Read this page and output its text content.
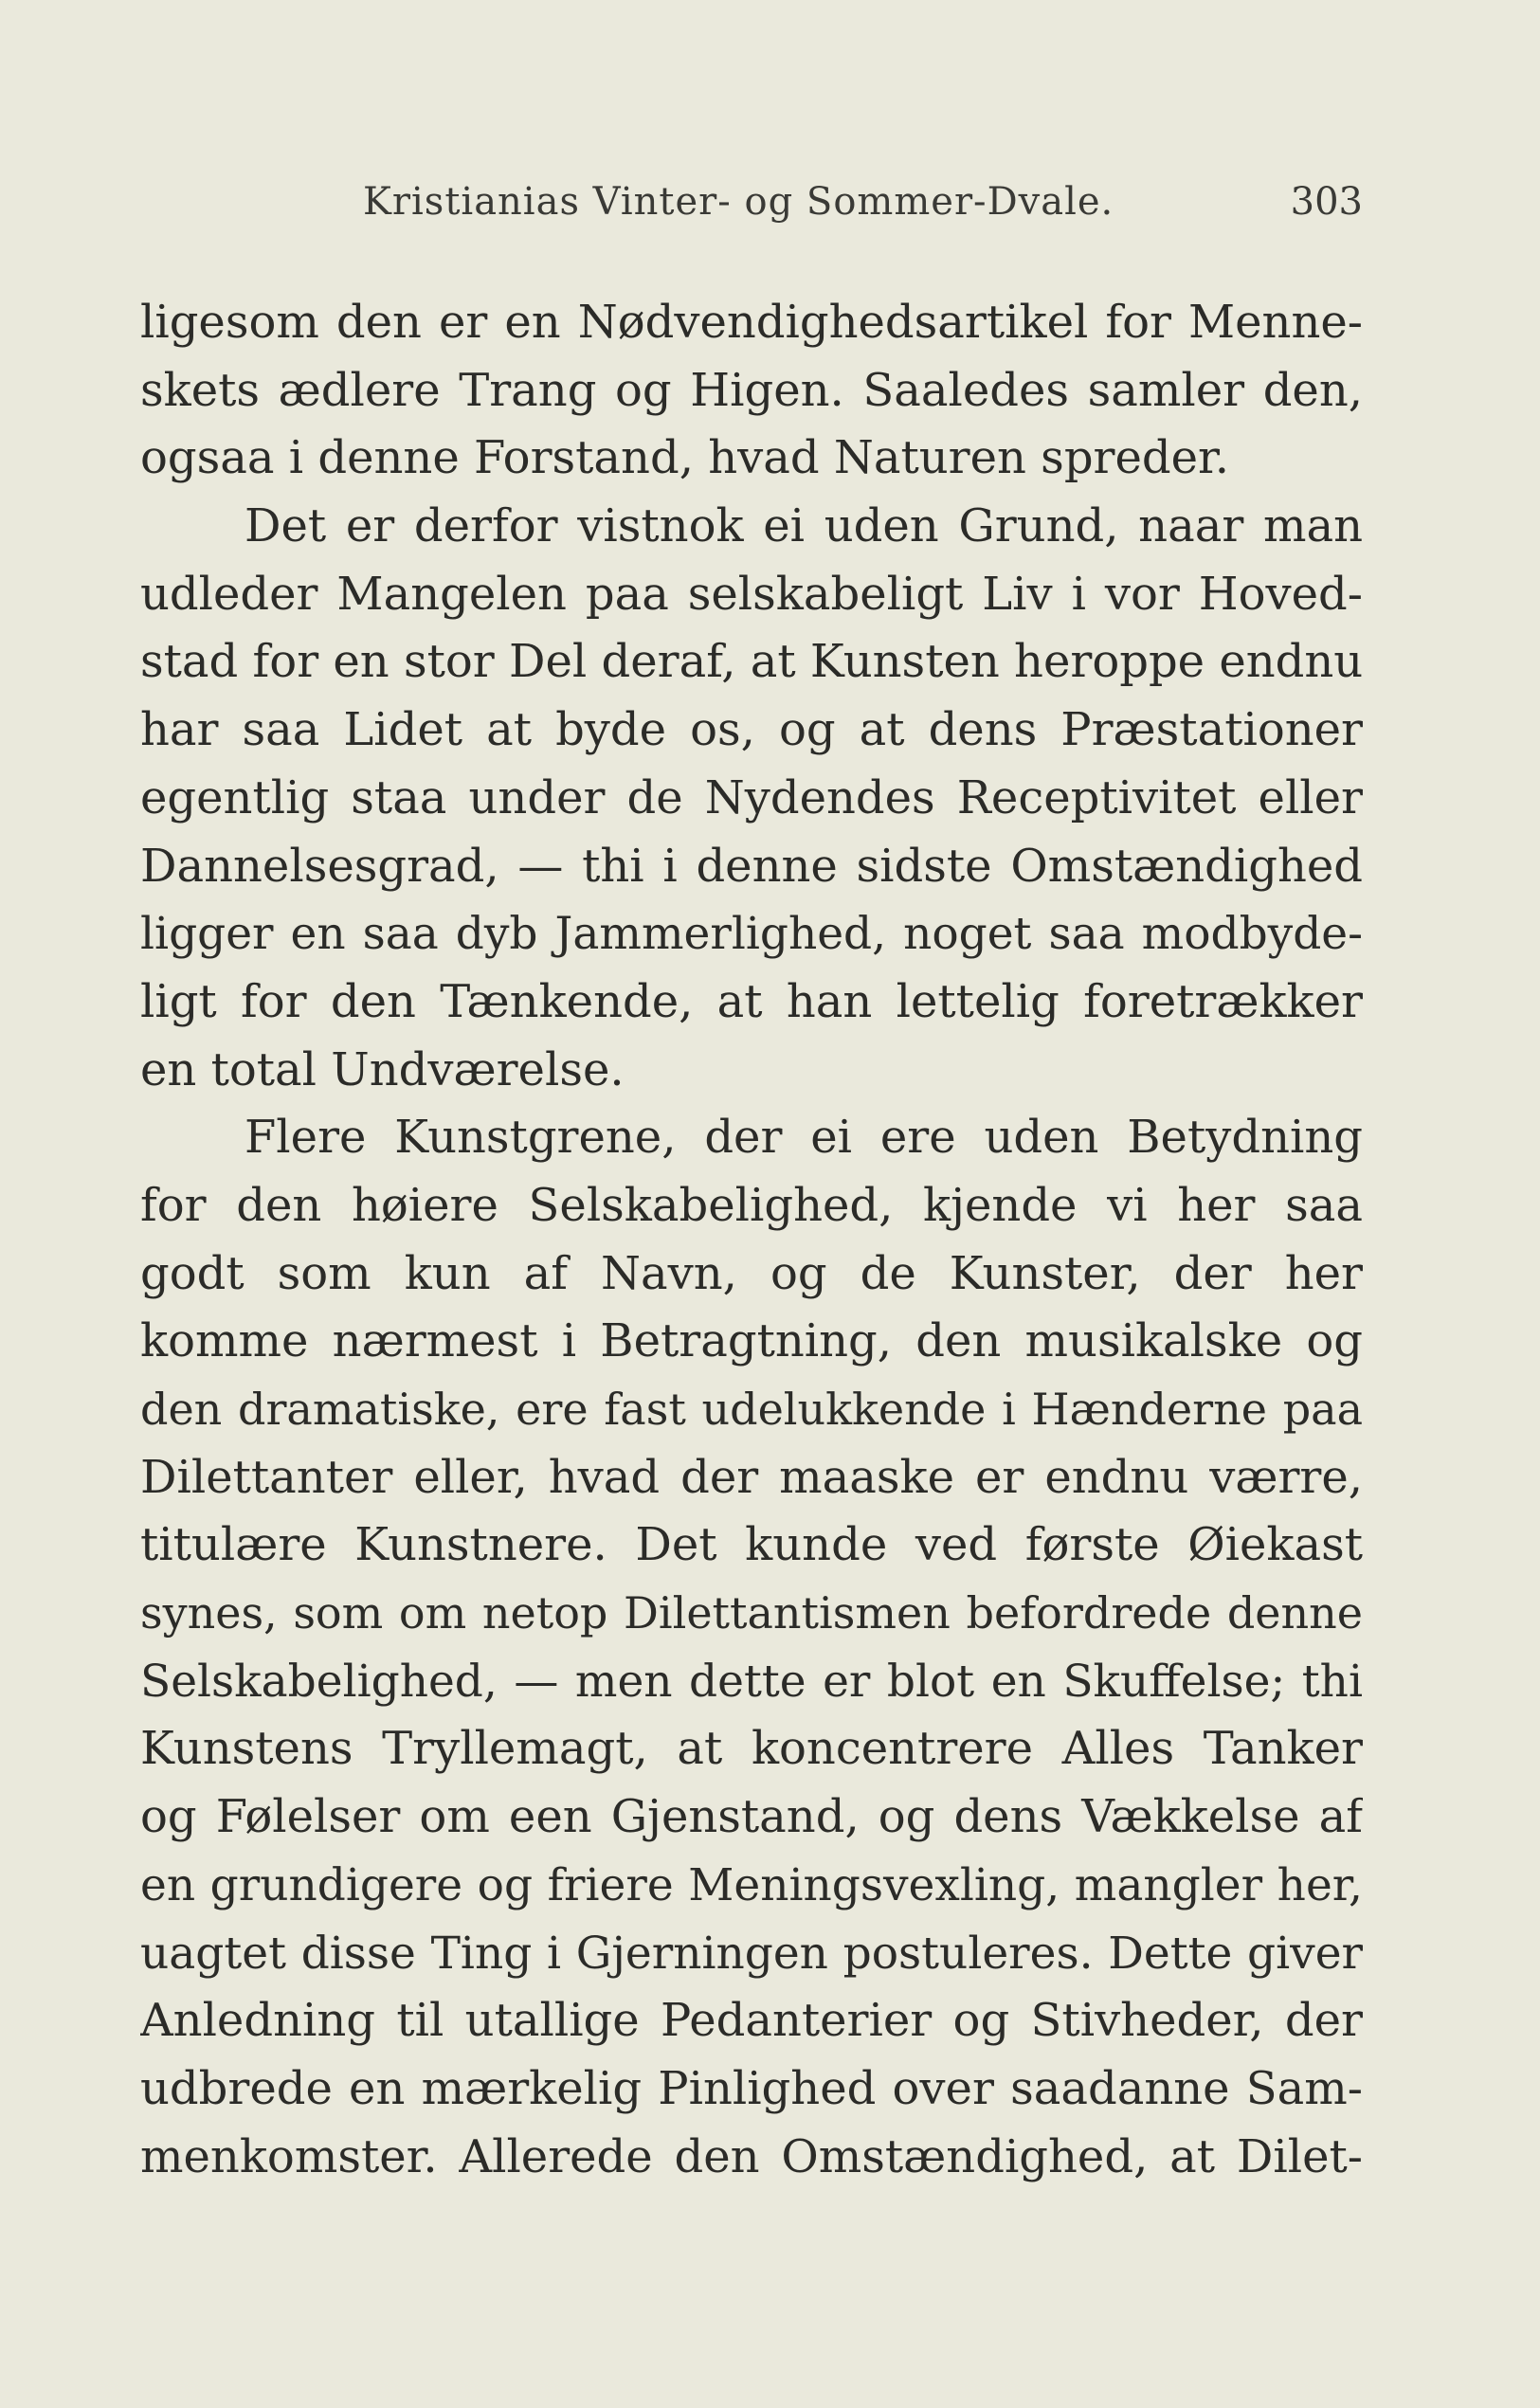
Kristianias Vinter- og Sommer-Dvale.	303
ligesom den er en Nødvendighedsartikel for Menne-
skets ædlere Trang og Higen. Saaledes samler den,
ogsaa i denne Forstand, hvad Naturen spreder.
Det er derfor vistnok ei uden Grund, naar man
udleder Mangelen paa selskabeligt Liv i vor Hoved-
stad for en stor Del deraf, at Kunsten heroppe endnu
har saa Lidet at byde os, og at dens Præstationer
egentlig staa under de Nydendes Receptivitet eller
Dannelsesgrad, — thi i denne sidste Omstændighed
ligger en saa dyb Jammerlighed, noget saa modbyde-
ligt for den Tænkende, at han lettelig foretrækker
en total Undværelse.
Flere Kunstgrene, der ei ere uden Betydning
for den høiere Selskabelighed, kjende vi her saa
godt som kun af Navn, og de Kunster, der her
komme nærmest i Betragtning, den musikalske og
den dramatiske, ere fast udelukkende i Hænderne paa
Dilettanter eller, hvad der maaske er endnu værre,
titulære Kunstnere. Det kunde ved første Øiekast
synes, som om netop Dilettantismen befordrede denne
Selskabelighed, — men dette er blot en Skuffelse; thi
Kunstens Tryllemagt, at koncentrere Alles Tanker
og Følelser om een Gjenstand, og dens Vækkelse af
en grundigere og friere Meningsvexling, mangler her,
uagtet disse Ting i Gjerningen postuleres. Dette giver
Anledning til utallige Pedanterier og Stivheder, der
udbrede en mærkelig Pinlighed over saadanne Sam-
menkomster. Allerede den Omstændighed, at Dilet-
